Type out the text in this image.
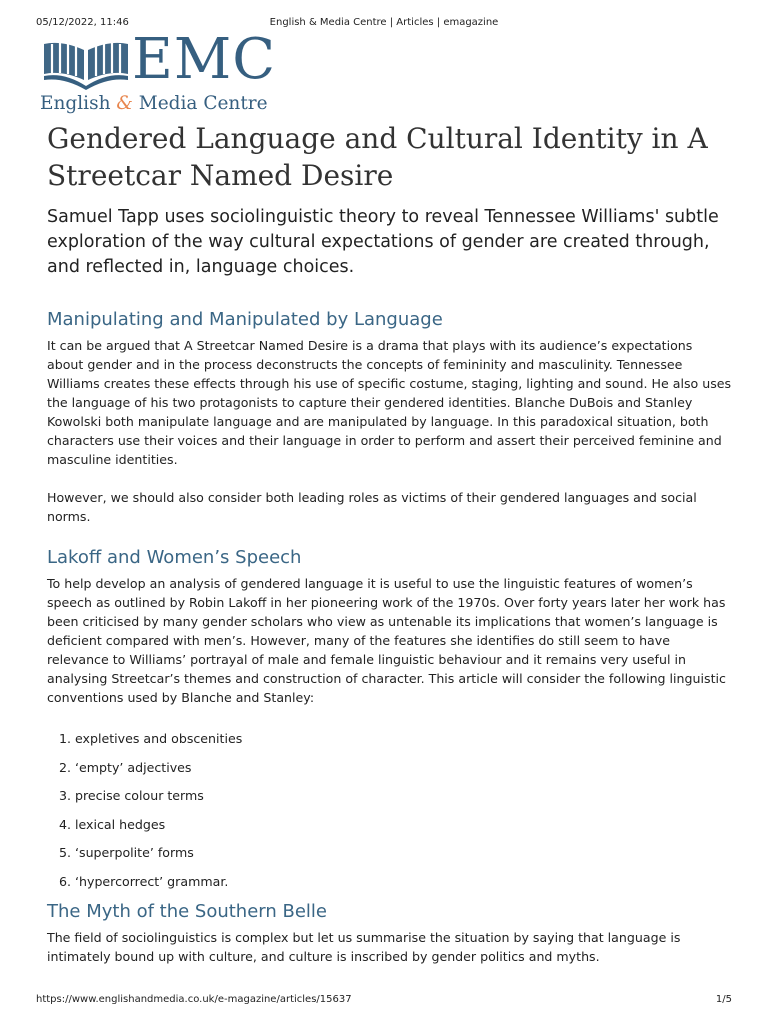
05/12/2022, 11:46	English & Media Centre | Articles | emagazine
EMC
English & Media Centre
Gendered Language and Cultural Identity in A Streetcar Named Desire

Samuel Tapp uses sociolinguistic theory to reveal Tennessee Williams' subtle exploration of the way cultural expectations of gender are created through, and reflected in, language choices.

Manipulating and Manipulated by Language

It can be argued that A Streetcar Named Desire is a drama that plays with its audience’s expectations about gender and in the process deconstructs the concepts of femininity and masculinity. Tennessee Williams creates these effects through his use of specific costume, staging, lighting and sound. He also uses the language of his two protagonists to capture their gendered identities. Blanche DuBois and Stanley Kowolski both manipulate language and are manipulated by language. In this paradoxical situation, both characters use their voices and their language in order to perform and assert their perceived feminine and masculine identities.

However, we should also consider both leading roles as victims of their gendered languages and social norms.

Lakoff and Women’s Speech

To help develop an analysis of gendered language it is useful to use the linguistic features of women’s speech as outlined by Robin Lakoff in her pioneering work of the 1970s. Over forty years later her work has been criticised by many gender scholars who view as untenable its implications that women’s language is deficient compared with men’s. However, many of the features she identifies do still seem to have relevance to Williams’ portrayal of male and female linguistic behaviour and it remains very useful in analysing Streetcar’s themes and construction of character. This article will consider the following linguistic conventions used by Blanche and Stanley:

1. expletives and obscenities
2. ‘empty’ adjectives
3. precise colour terms
4. lexical hedges
5. ‘superpolite’ forms
6. ‘hypercorrect’ grammar.
The Myth of the Southern Belle

The field of sociolinguistics is complex but let us summarise the situation by saying that language is intimately bound up with culture, and culture is inscribed by gender politics and myths.

https://www.englishandmedia.co.uk/e-magazine/articles/15637	1/5
